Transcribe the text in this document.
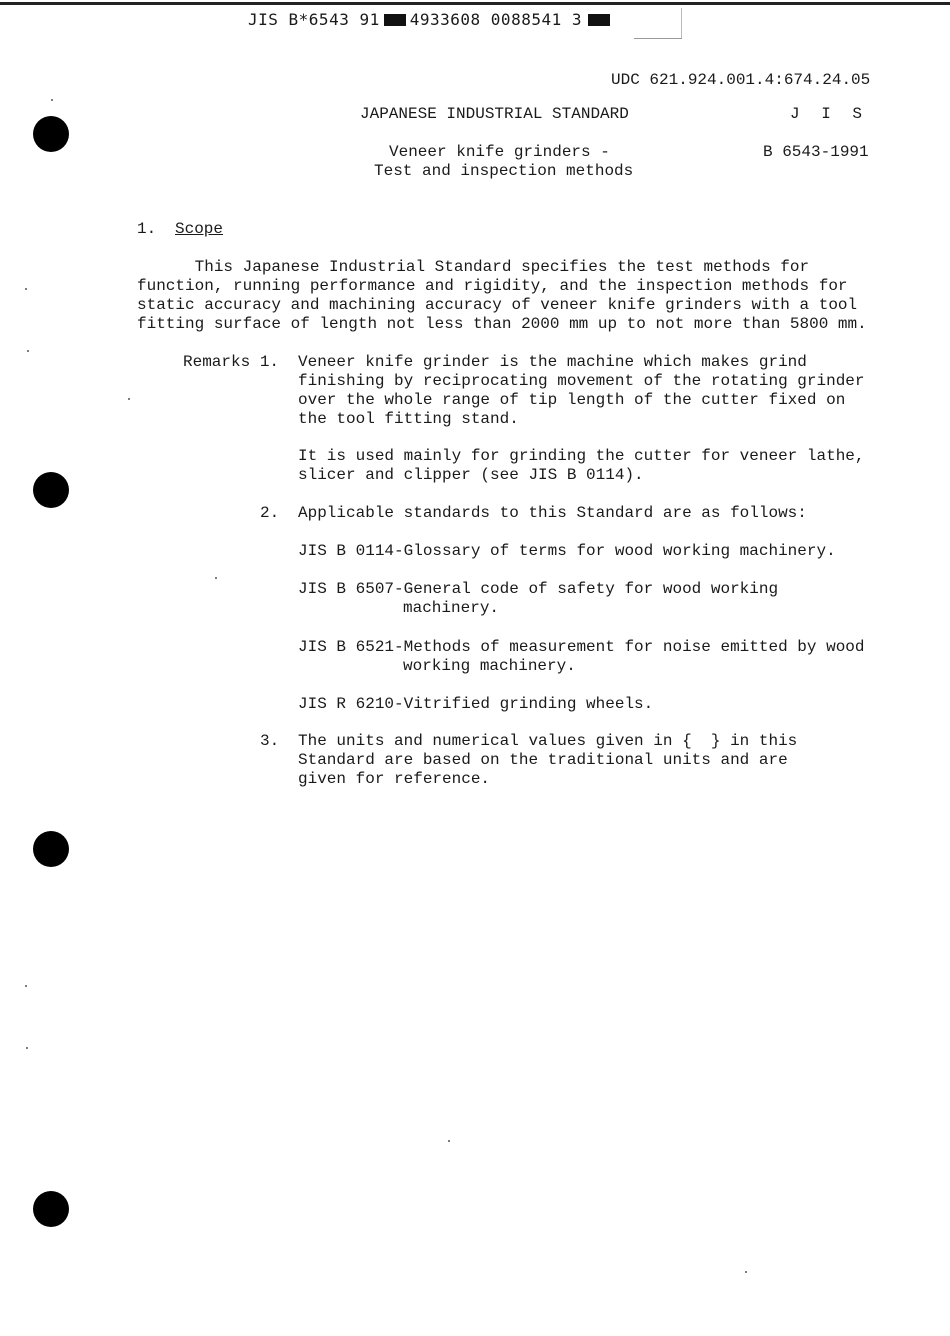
JIS B*6543 91 4933608 0088541 3
UDC 621.924.001.4:674.24.05
JAPANESE INDUSTRIAL STANDARD	J I S
Veneer knife grinders -
Test and inspection methods
B 6543-1991
1. Scope
This Japanese Industrial Standard specifies the test methods for
function, running performance and rigidity, and the inspection methods for
static accuracy and machining accuracy of veneer knife grinders with a tool
fitting surface of length not less than 2000 mm up to not more than 5800 mm.
Remarks 1. Veneer knife grinder is the machine which makes grind
finishing by reciprocating movement of the rotating grinder
over the whole range of tip length of the cutter fixed on
the tool fitting stand.
It is used mainly for grinding the cutter for veneer lathe,
slicer and clipper (see JIS B 0114).
2. Applicable standards to this Standard are as follows:
JIS B 0114-Glossary of terms for wood working machinery.
JIS B 6507-General code of safety for wood working
machinery.
JIS B 6521-Methods of measurement for noise emitted by wood
working machinery.
JIS R 6210-Vitrified grinding wheels.
3. The units and numerical values given in {  } in this
Standard are based on the traditional units and are
given for reference.
